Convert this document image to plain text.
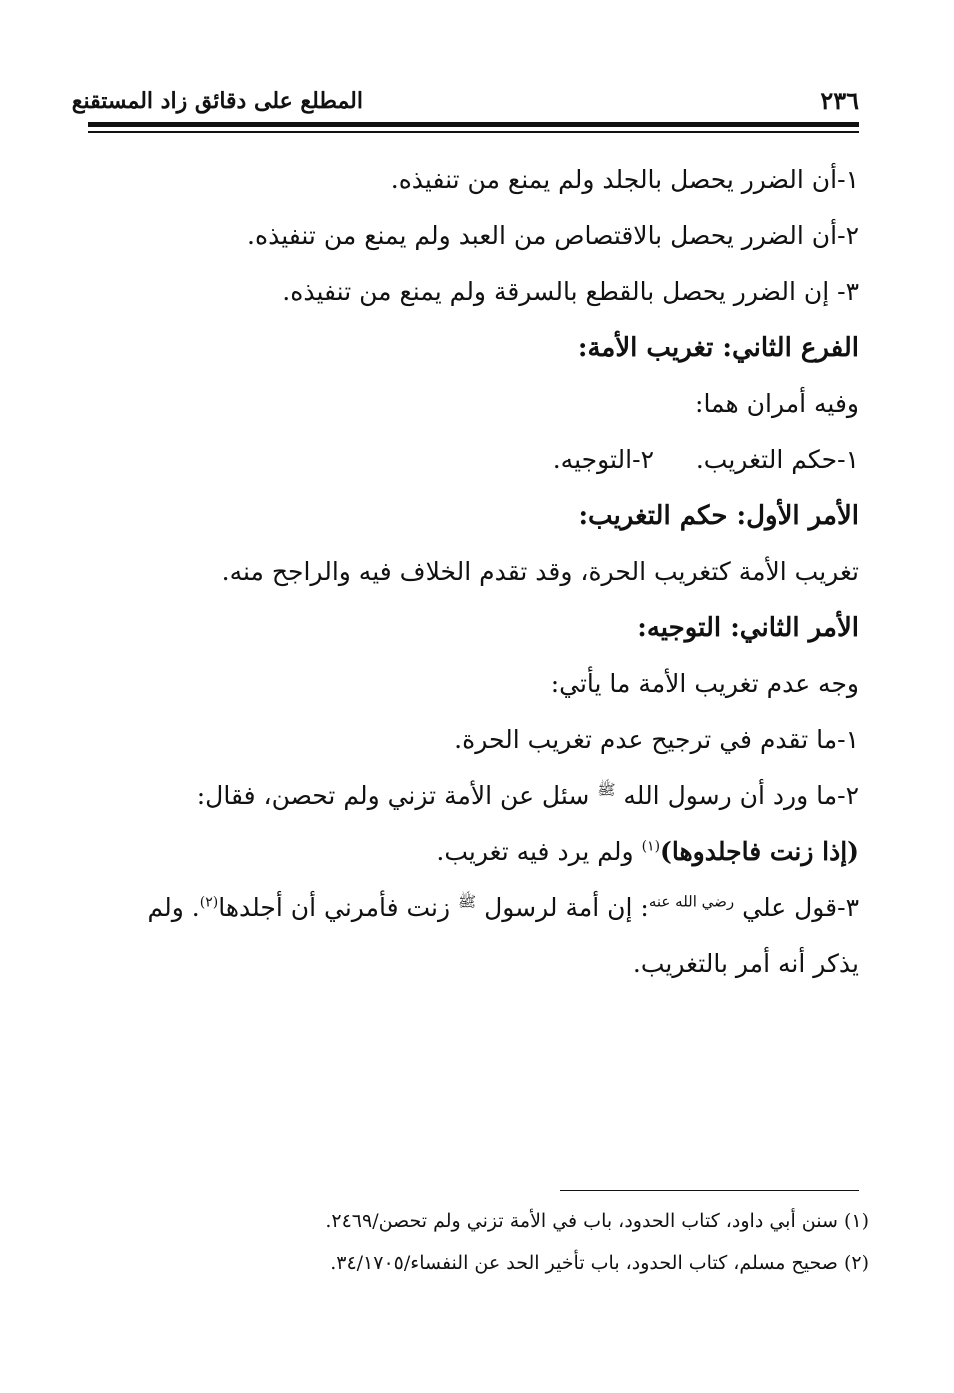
٢٣٦
المطلع على دقائق زاد المستقنع
١-أن الضرر يحصل بالجلد ولم يمنع من تنفيذه.
٢-أن الضرر يحصل بالاقتصاص من العبد ولم يمنع من تنفيذه.
٣- إن الضرر يحصل بالقطع بالسرقة ولم يمنع من تنفيذه.
الفرع الثاني: تغريب الأمة:
وفيه أمران هما:
١-حكم التغريب.
٢-التوجيه.
الأمر الأول: حكم التغريب:
تغريب الأمة كتغريب الحرة، وقد تقدم الخلاف فيه والراجح منه.
الأمر الثاني: التوجيه:
وجه عدم تغريب الأمة ما يأتي:
١-ما تقدم في ترجيح عدم تغريب الحرة.
٢-ما ورد أن رسول الله $^ﷺ$ سئل عن الأمة تزني ولم تحصن، فقال:
(إذا زنت فاجلدوها)$^{(١)}$ ولم يرد فيه تغريب.
٣-قول علي $^{رضي الله عنه}$: إن أمة لرسول $^ﷺ$ زنت فأمرني أن أجلدها$^{(٢)}$. ولم
يذكر أنه أمر بالتغريب.
(١) سنن أبي داود، كتاب الحدود، باب في الأمة تزني ولم تحصن/٢٤٦٩.
(٢) صحيح مسلم، كتاب الحدود، باب تأخير الحد عن النفساء/٣٤/١٧٠٥.
